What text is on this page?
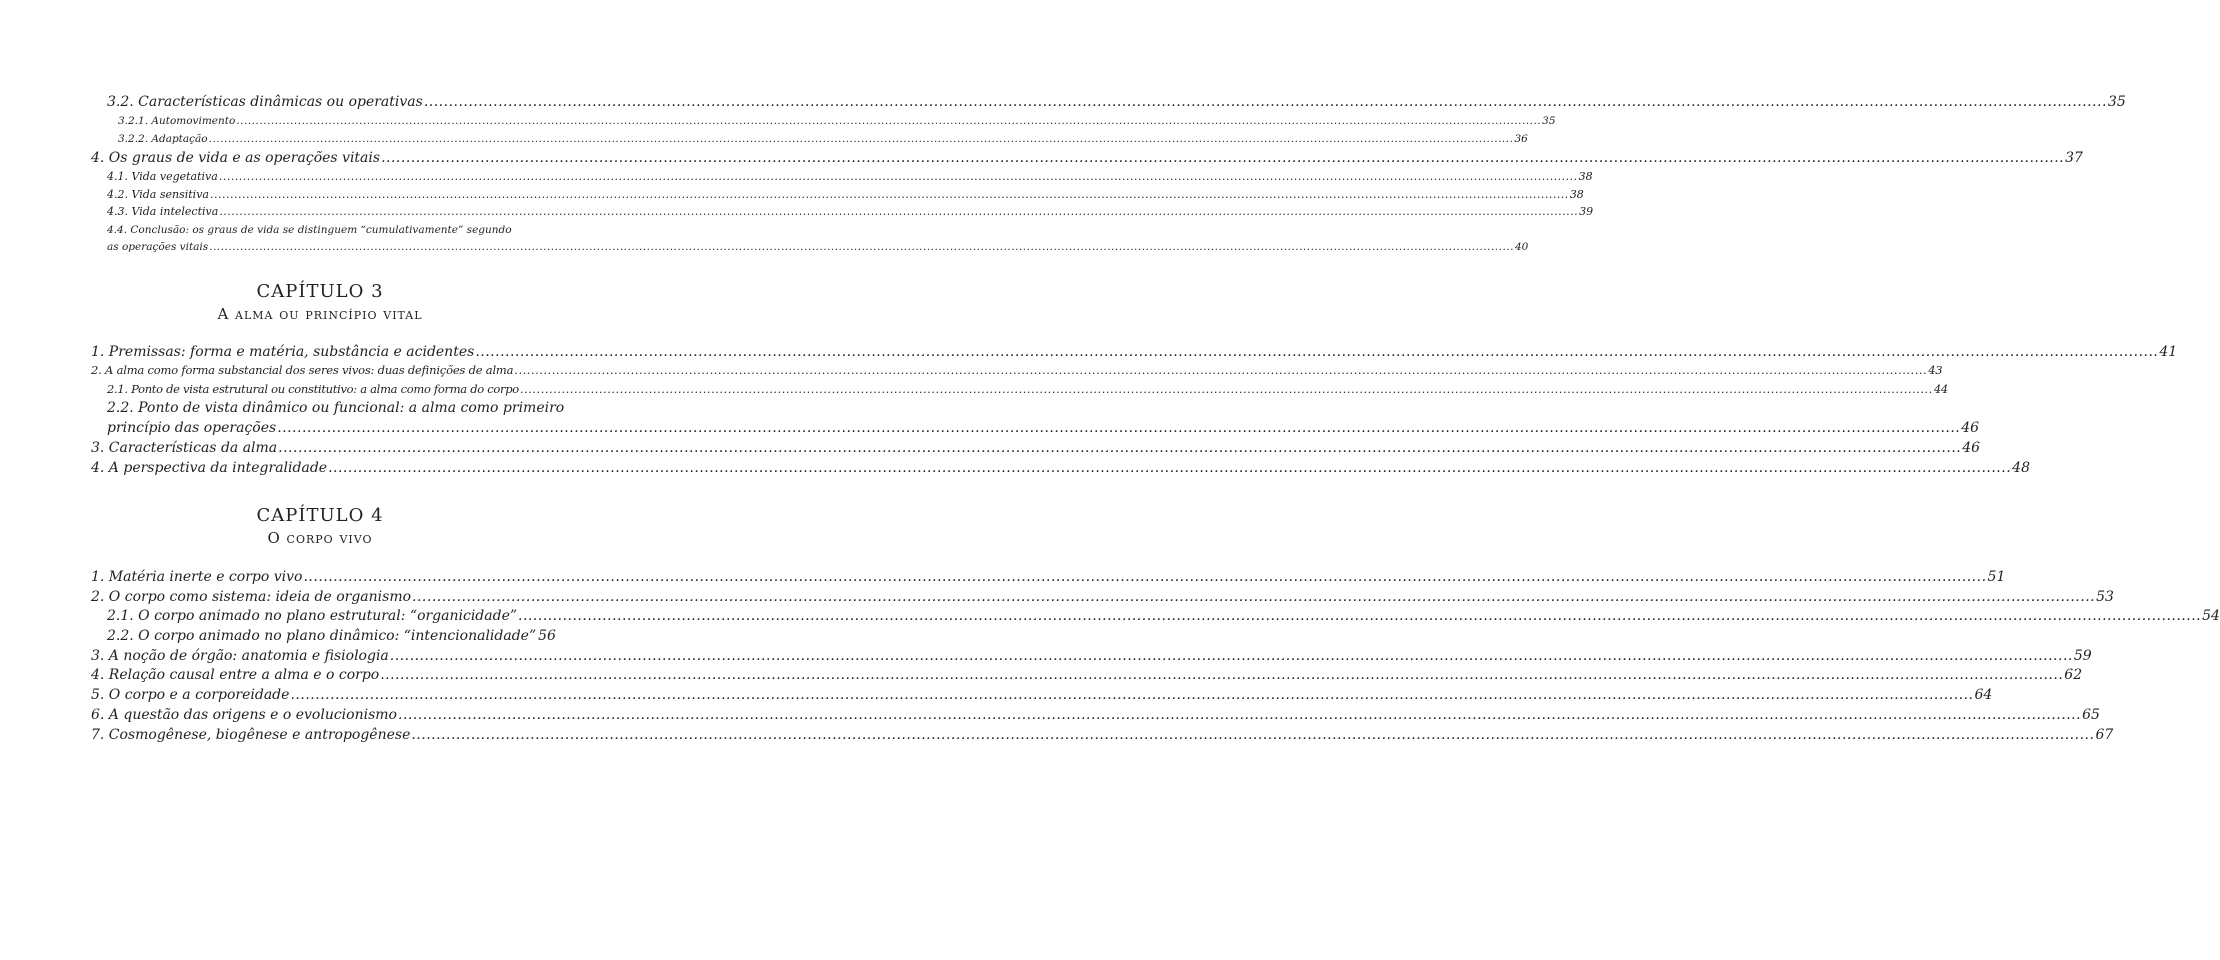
3.2. Características dinâmicas ou operativas .....	35
3.2.1. Automovimento .....	35
3.2.2. Adaptação .....	36
4. Os graus de vida e as operações vitais .....	37
4.1. Vida vegetativa .....	38
4.2. Vida sensitiva .....	38
4.3. Vida intelectiva .....	39
4.4. Conclusão: os graus de vida se distinguem “cumulativamente” segundo
as operações vitais .....	40
CAPÍTULO 3
A alma ou princípio vital
1. Premissas: forma e matéria, substância e acidentes .....	41
2. A alma como forma substancial dos seres vivos: duas definições de alma .....	43
2.1. Ponto de vista estrutural ou constitutivo: a alma como forma do corpo .....	44
2.2. Ponto de vista dinâmico ou funcional: a alma como primeiro
princípio das operações .....	46
3. Características da alma .....	46
4. A perspectiva da integralidade .....	48
CAPÍTULO 4
O corpo vivo
1. Matéria inerte e corpo vivo .....	51
2. O corpo como sistema: ideia de organismo .....	53
2.1. O corpo animado no plano estrutural: “organicidade” .....	54
2.2. O corpo animado no plano dinâmico: “intencionalidade” 56
3. A noção de órgão: anatomia e fisiologia .....	59
4. Relação causal entre a alma e o corpo .....	62
5. O corpo e a corporeidade .....	64
6. A questão das origens e o evolucionismo .....	65
7. Cosmogênese, biogênese e antropogênese .....	67
